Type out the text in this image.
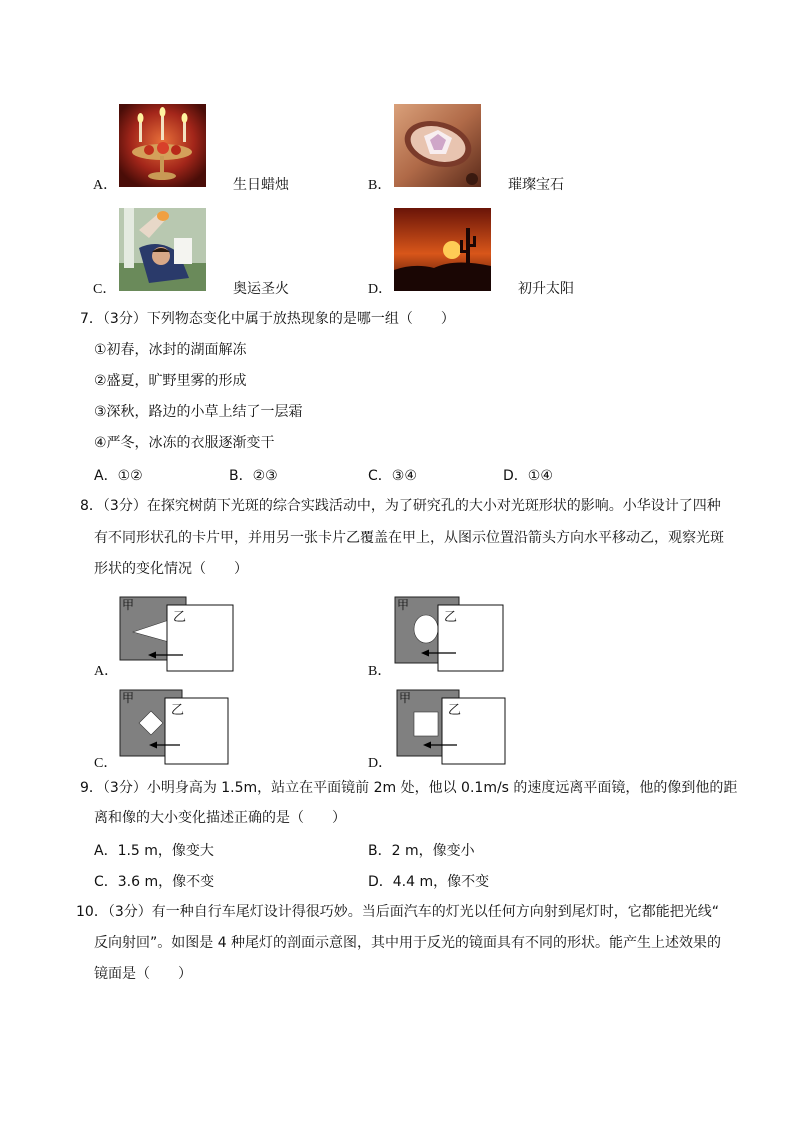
A．	生日蜡烛	B．	璀璨宝石
C．	奥运圣火	D．	初升太阳
7．（3分）下列物态变化中属于放热现象的是哪一组（　　）
①初春，冰封的湖面解冻
②盛夏，旷野里雾的形成
③深秋，路边的小草上结了一层霜
④严冬，冰冻的衣服逐渐变干
A．①②	B．②③	C．③④	D．①④
8．（3分）在探究树荫下光斑的综合实践活动中，为了研究孔的大小对光斑形状的影响。小华设计了四种
有不同形状孔的卡片甲，并用另一张卡片乙覆盖在甲上，从图示位置沿箭头方向水平移动乙，观察光斑
形状的变化情况（　　）
A．
甲
乙
B．
甲
乙
C．
甲
乙
D．
甲
乙
9．（3分）小明身高为 1.5m，站立在平面镜前 2m 处，他以 0.1m/s 的速度远离平面镜，他的像到他的距
离和像的大小变化描述正确的是（　　）
A．1.5 m，像变大	B．2 m，像变小
C．3.6 m，像不变	D．4.4 m，像不变
10．（3分）有一种自行车尾灯设计得很巧妙。当后面汽车的灯光以任何方向射到尾灯时，它都能把光线“
反向射回”。如图是 4 种尾灯的剖面示意图，其中用于反光的镜面具有不同的形状。能产生上述效果的
镜面是（　　）
